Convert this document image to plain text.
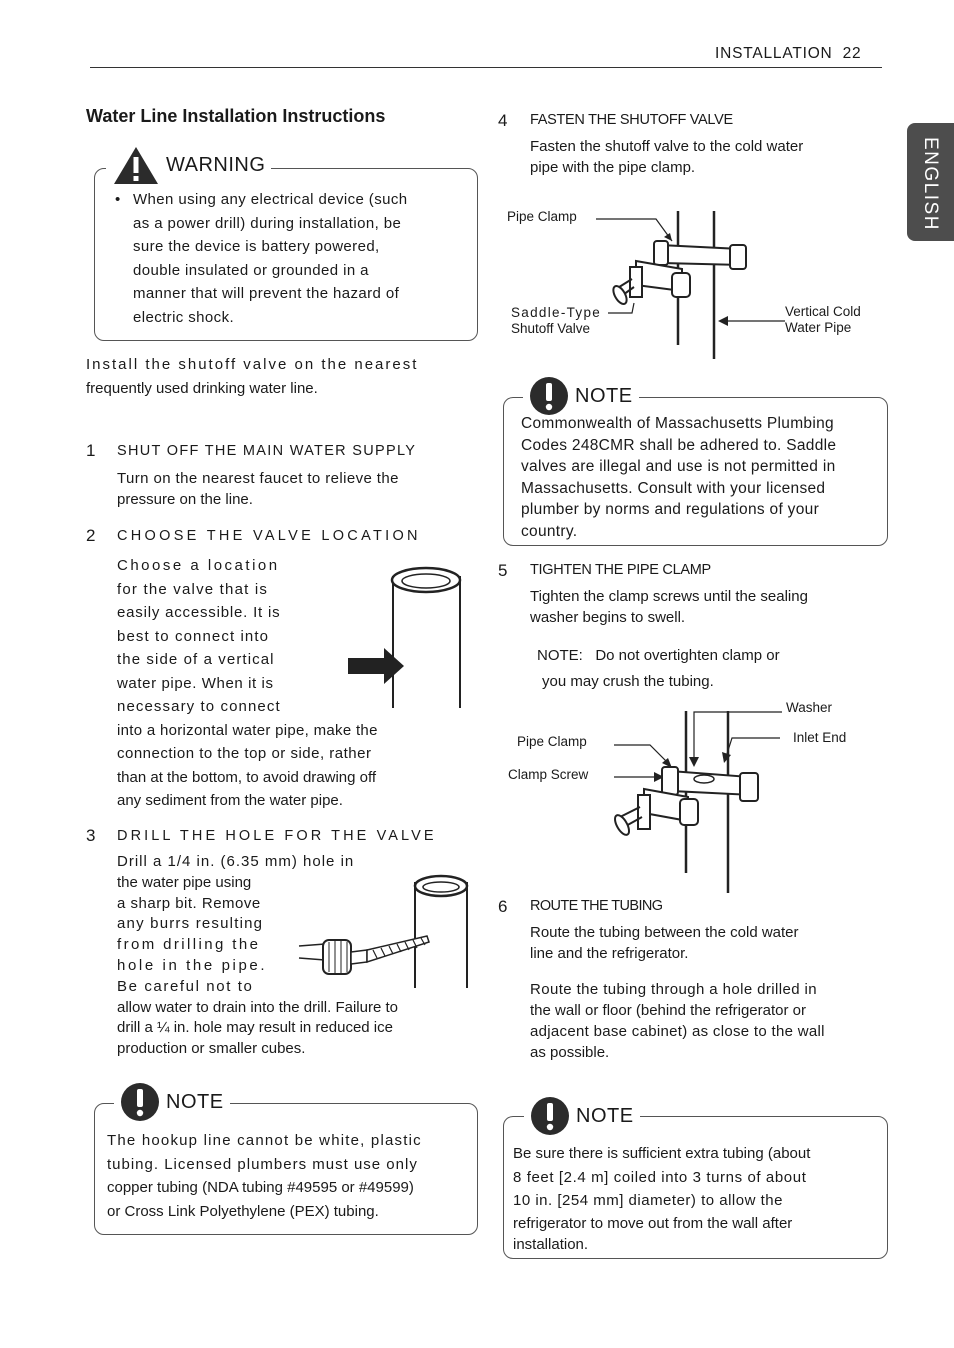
INSTALLATION 22
ENGLISH
Water Line Installation Instructions
WARNING
• When using any electrical device (such
as a power drill) during installation, be
sure the device is battery powered,
double insulated or grounded in a
manner that will prevent the hazard of
electric shock.
Install the shutoff valve on the nearest
frequently used drinking water line.
1 SHUT OFF THE MAIN WATER SUPPLY
Turn on the nearest faucet to relieve the
pressure on the line.
2 CHOOSE THE VALVE LOCATION
Choose a location
for the valve that is
easily accessible. It is
best to connect into
the side of a vertical
water pipe. When it is
necessary to connect
into a horizontal water pipe, make the
connection to the top or side, rather
than at the bottom, to avoid drawing off
any sediment from the water pipe.
3 DRILL THE HOLE FOR THE VALVE
Drill a 1/4 in. (6.35 mm) hole in
the water pipe using
a sharp bit. Remove
any burrs resulting
from drilling the
hole in the pipe.
Be careful not to
allow water to drain into the drill. Failure to
drill a ¼ in. hole may result in reduced ice
production or smaller cubes.
NOTE
The hookup line cannot be white, plastic
tubing. Licensed plumbers must use only
copper tubing (NDA tubing #49595 or #49599)
or Cross Link Polyethylene (PEX) tubing.
4 FASTEN THE SHUTOFF VALVE
Fasten the shutoff valve to the cold water
pipe with the pipe clamp.
Pipe Clamp
Saddle-Type
Shutoff Valve
Vertical Cold
Water Pipe
NOTE
Commonwealth of Massachusetts Plumbing
Codes 248CMR shall be adhered to. Saddle
valves are illegal and use is not permitted in
Massachusetts. Consult with your licensed
plumber by norms and regulations of your
country.
5 TIGHTEN THE PIPE CLAMP
Tighten the clamp screws until the sealing
washer begins to swell.
NOTE:   Do not overtighten clamp or
you may crush the tubing.
Washer
Inlet End
Pipe Clamp
Clamp Screw
6 ROUTE THE TUBING
Route the tubing between the cold water
line and the refrigerator.
Route the tubing through a hole drilled in
the wall or floor (behind the refrigerator or
adjacent base cabinet) as close to the wall
as possible.
NOTE
Be sure there is sufficient extra tubing (about
8 feet [2.4 m] coiled into 3 turns of about
10 in. [254 mm] diameter) to allow the
refrigerator to move out from the wall after
installation.
